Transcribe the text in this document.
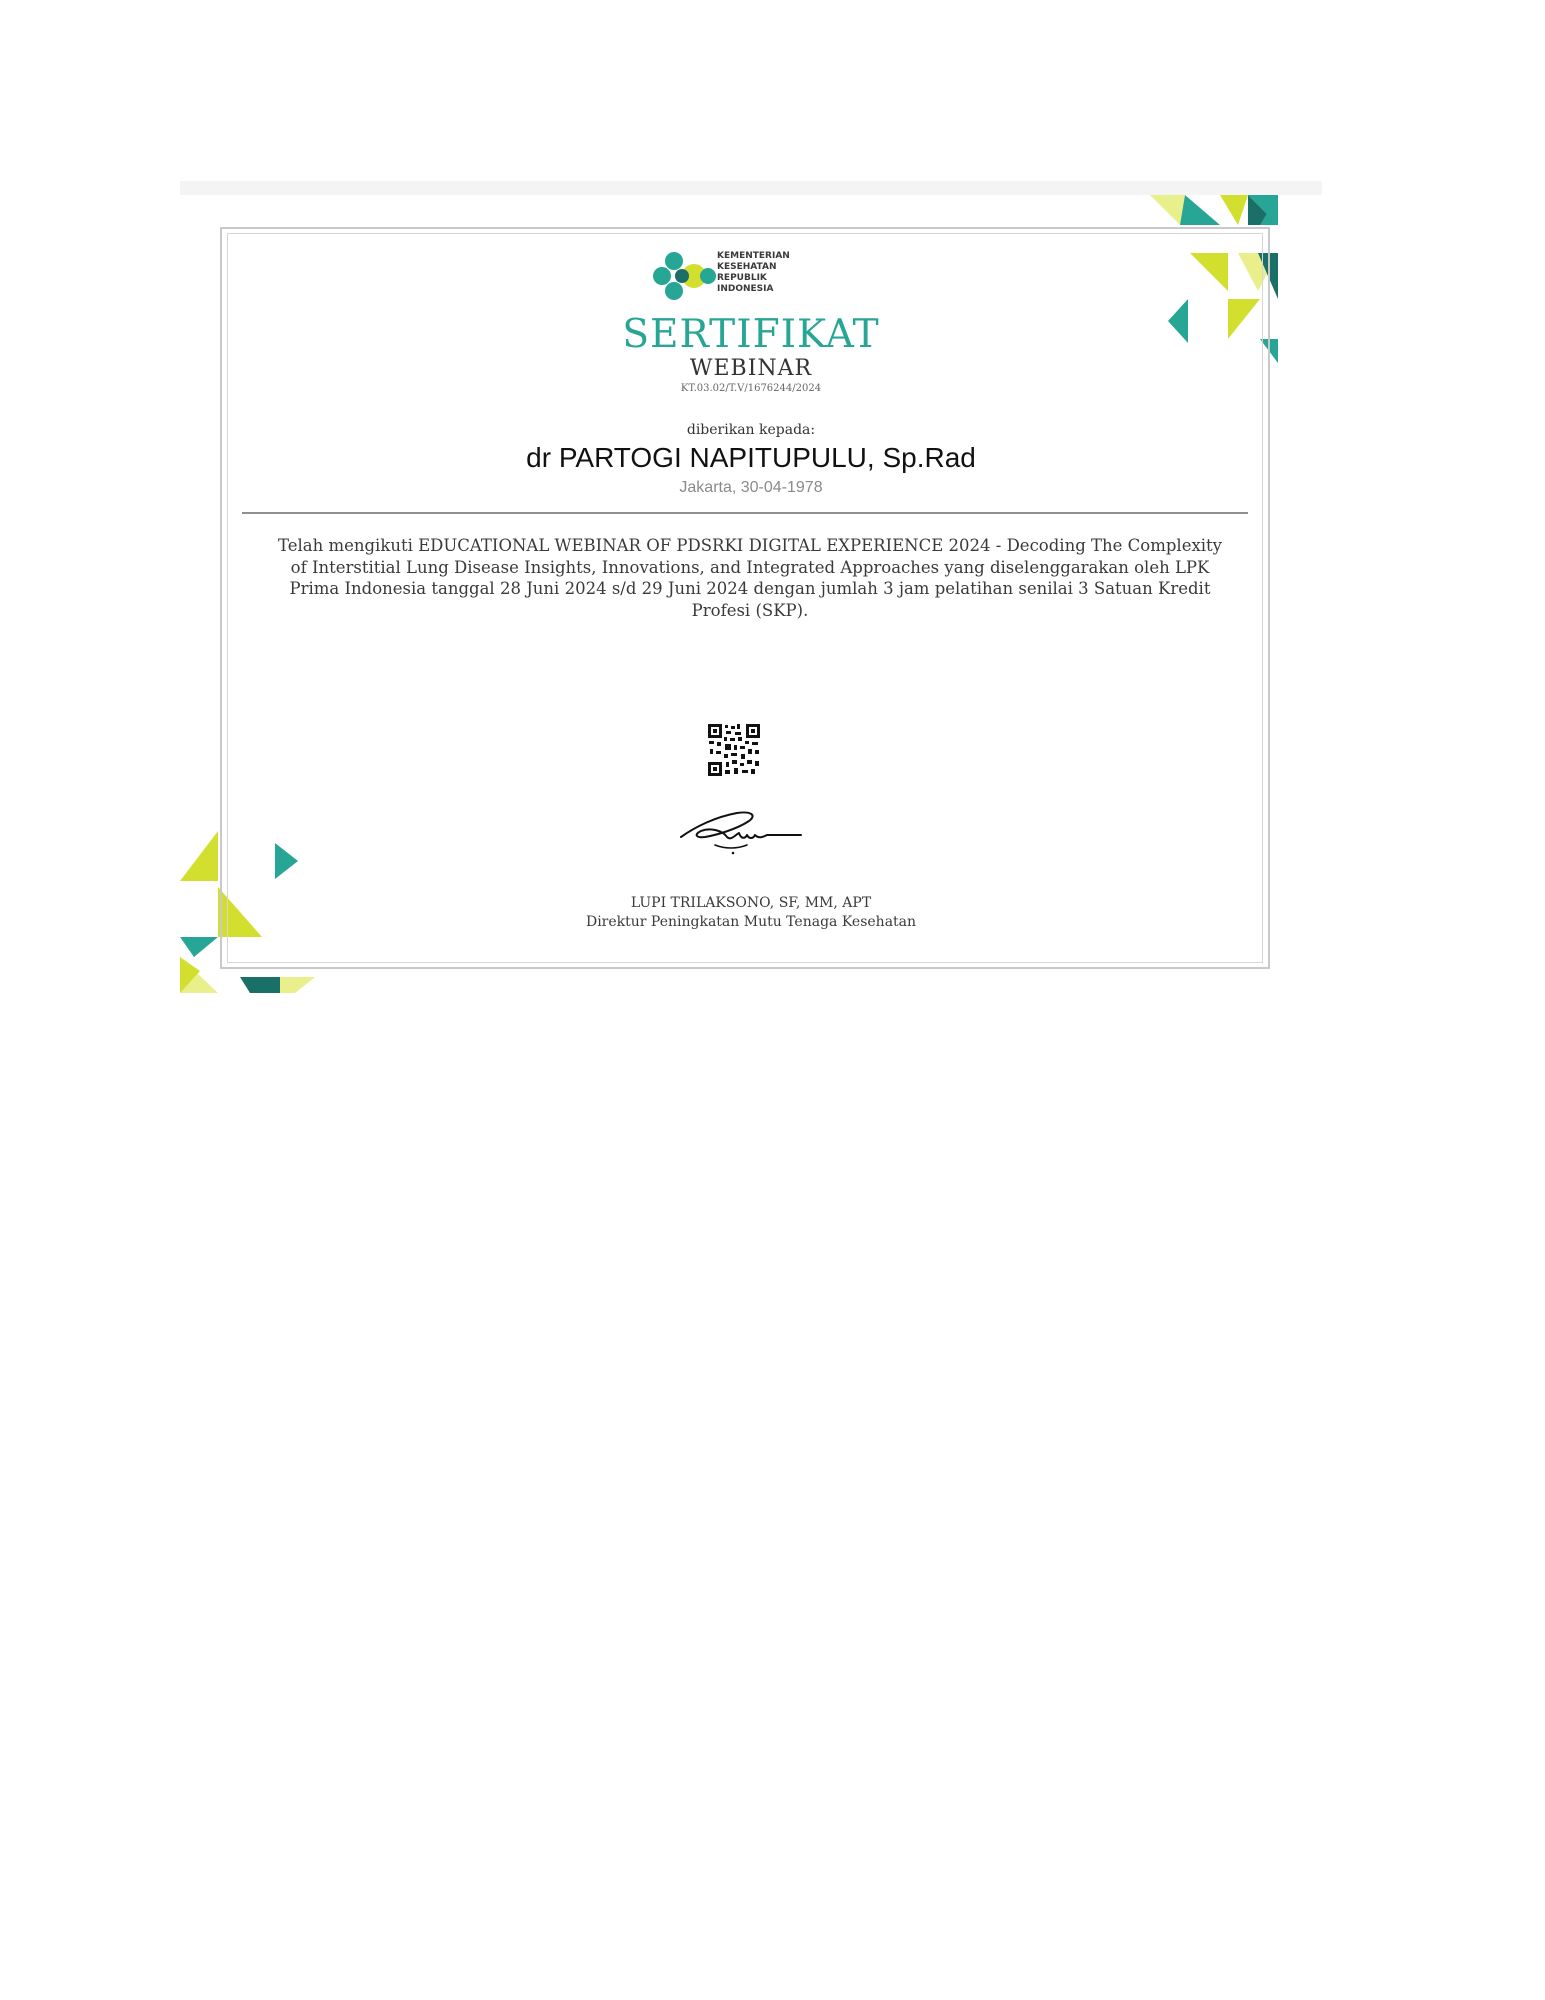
KEMENTERIAN
KESEHATAN
REPUBLIK
INDONESIA
SERTIFIKAT
WEBINAR
KT.03.02/T.V/1676244/2024
diberikan kepada:
dr PARTOGI NAPITUPULU, Sp.Rad
Jakarta, 30-04-1978
Telah mengikuti EDUCATIONAL WEBINAR OF PDSRKI DIGITAL EXPERIENCE 2024 - Decoding The Complexity of Interstitial Lung Disease Insights, Innovations, and Integrated Approaches yang diselenggarakan oleh LPK Prima Indonesia tanggal 28 Juni 2024 s/d 29 Juni 2024 dengan jumlah 3 jam pelatihan senilai 3 Satuan Kredit Profesi (SKP).
LUPI TRILAKSONO, SF, MM, APT
Direktur Peningkatan Mutu Tenaga Kesehatan
